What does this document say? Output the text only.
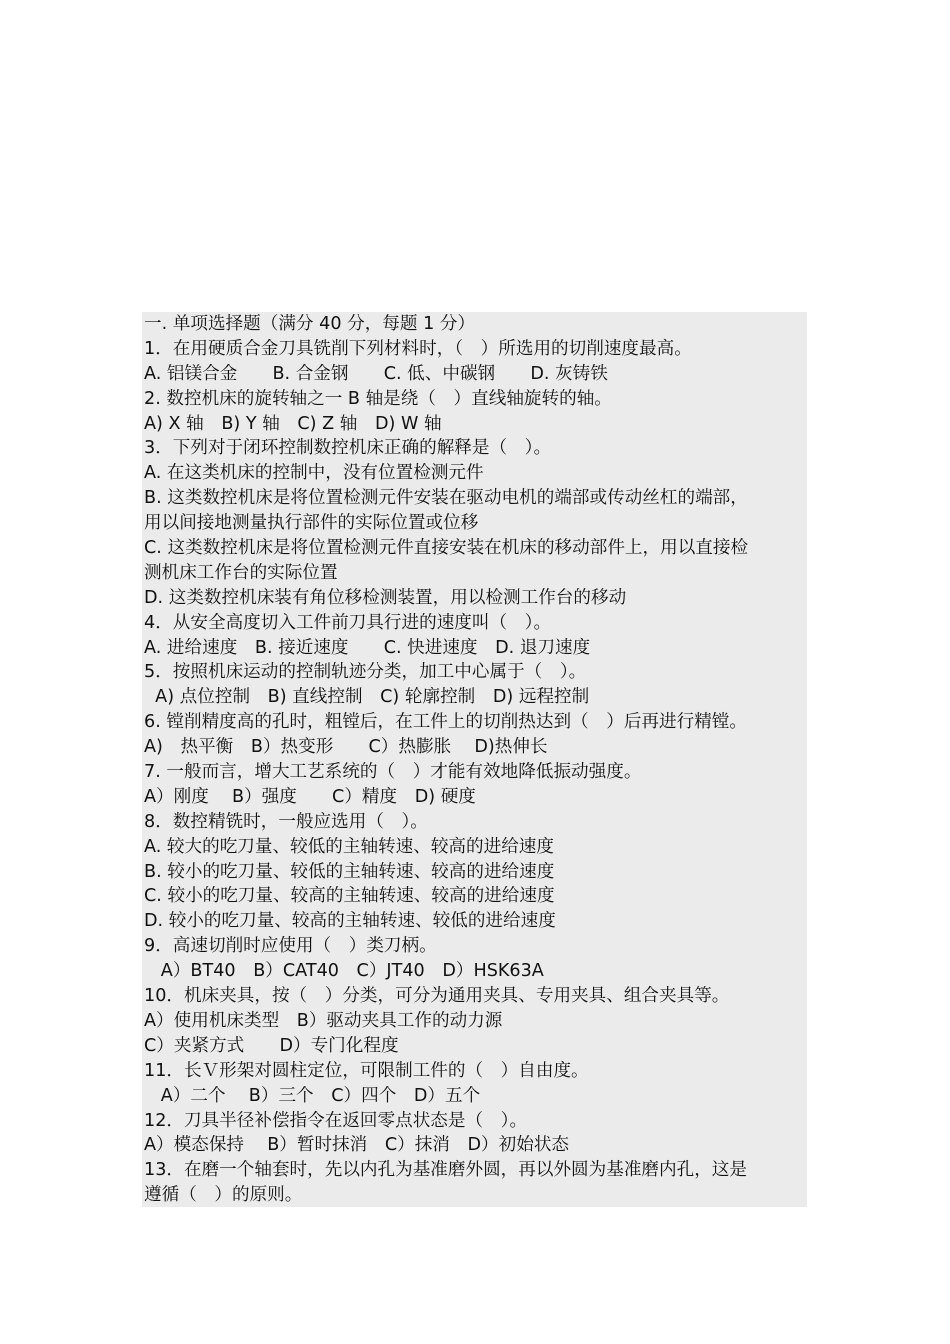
一. 单项选择题（满分 40 分，每题 1 分）
1．在用硬质合金刀具铣削下列材料时，（　）所选用的切削速度最高。
A. 铝镁合金　　B. 合金钢　　C. 低、中碳钢　　D. 灰铸铁
2. 数控机床的旋转轴之一 B 轴是绕（　）直线轴旋转的轴。
A) X 轴　B) Y 轴　C) Z 轴　D) W 轴
3．下列对于闭环控制数控机床正确的解释是（　）。
A. 在这类机床的控制中，没有位置检测元件
B. 这类数控机床是将位置检测元件安装在驱动电机的端部或传动丝杠的端部，
用以间接地测量执行部件的实际位置或位移
C. 这类数控机床是将位置检测元件直接安装在机床的移动部件上，用以直接检
测机床工作台的实际位置
D. 这类数控机床装有角位移检测装置，用以检测工作台的移动
4．从安全高度切入工件前刀具行进的速度叫（　）。
A. 进给速度　B. 接近速度　　C. 快进速度　D. 退刀速度
5．按照机床运动的控制轨迹分类，加工中心属于（　）。
A) 点位控制　B) 直线控制　C) 轮廓控制　D) 远程控制
6. 镗削精度高的孔时，粗镗后，在工件上的切削热达到（　）后再进行精镗。
A)　热平衡　B）热变形　　C）热膨胀　 D)热伸长
7. 一般而言，增大工艺系统的（　）才能有效地降低振动强度。
A）刚度　 B）强度　　C）精度　D) 硬度
8．数控精铣时，一般应选用（　）。
A. 较大的吃刀量、较低的主轴转速、较高的进给速度
B. 较小的吃刀量、较低的主轴转速、较高的进给速度
C. 较小的吃刀量、较高的主轴转速、较高的进给速度
D. 较小的吃刀量、较高的主轴转速、较低的进给速度
9．高速切削时应使用（　）类刀柄。
A）BT40　B）CAT40　C）JT40　D）HSK63A
10．机床夹具，按（　）分类，可分为通用夹具、专用夹具、组合夹具等。
A）使用机床类型　B）驱动夹具工作的动力源
C）夹紧方式　　D）专门化程度
11．长Ｖ形架对圆柱定位，可限制工件的（　）自由度。
A）二个　 B）三个　C）四个　D）五个
12．刀具半径补偿指令在返回零点状态是（　）。
A）模态保持　 B）暂时抹消　C）抹消　D）初始状态
13．在磨一个轴套时，先以内孔为基准磨外圆，再以外圆为基准磨内孔，这是
遵循（　）的原则。
